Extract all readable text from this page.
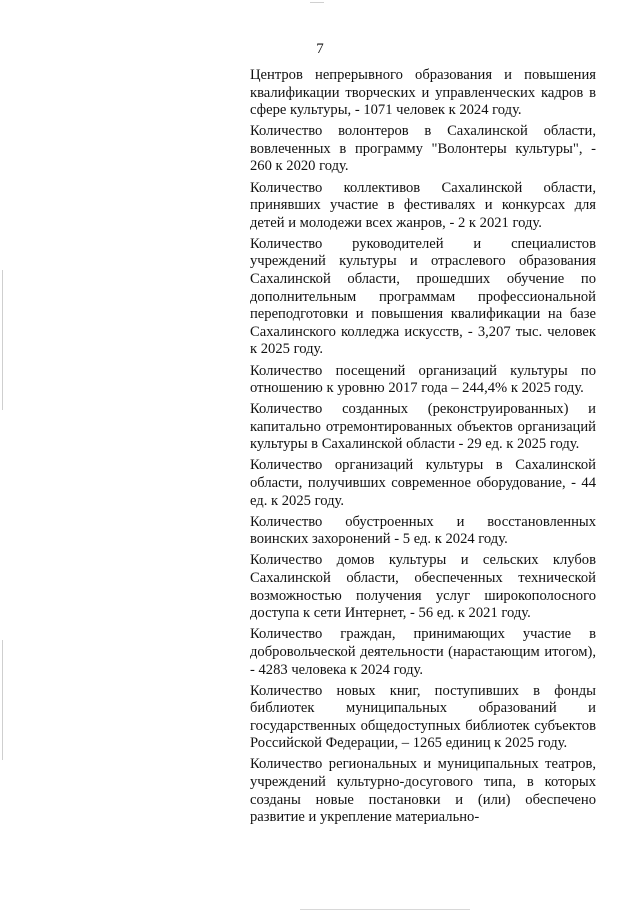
7

Центров непрерывного образования и повышения квалификации творческих и управленческих кадров в сфере культуры, - 1071 человек к 2024 году.

Количество волонтеров в Сахалинской области, вовлеченных в программу "Волонтеры культуры", - 260 к 2020 году.

Количество коллективов Сахалинской области, принявших участие в фестивалях и конкурсах для детей и молодежи всех жанров, - 2 к 2021 году.

Количество руководителей и специалистов учреждений культуры и отраслевого образования Сахалинской области, прошедших обучение по дополнительным программам профессиональной переподготовки и повышения квалификации на базе Сахалинского колледжа искусств, - 3,207 тыс. человек к 2025 году.

Количество посещений организаций культуры по отношению к уровню 2017 года – 244,4% к 2025 году.

Количество созданных (реконструированных) и капитально отремонтированных объектов организаций культуры в Сахалинской области - 29 ед. к 2025 году.

Количество организаций культуры в Сахалинской области, получивших современное оборудование, - 44 ед. к 2025 году.

Количество обустроенных и восстановленных воинских захоронений - 5 ед. к 2024 году.

Количество домов культуры и сельских клубов Сахалинской области, обеспеченных технической возможностью получения услуг широкополосного доступа к сети Интернет, - 56 ед. к 2021 году.

Количество граждан, принимающих участие в добровольческой деятельности (нарастающим итогом), - 4283 человека к 2024 году.

Количество новых книг, поступивших в фонды библиотек муниципальных образований и государственных общедоступных библиотек субъектов Российской Федерации, – 1265 единиц к 2025 году.

Количество региональных и муниципальных театров, учреждений культурно-досугового типа, в которых созданы новые постановки и (или) обеспечено развитие и укрепление материально-
